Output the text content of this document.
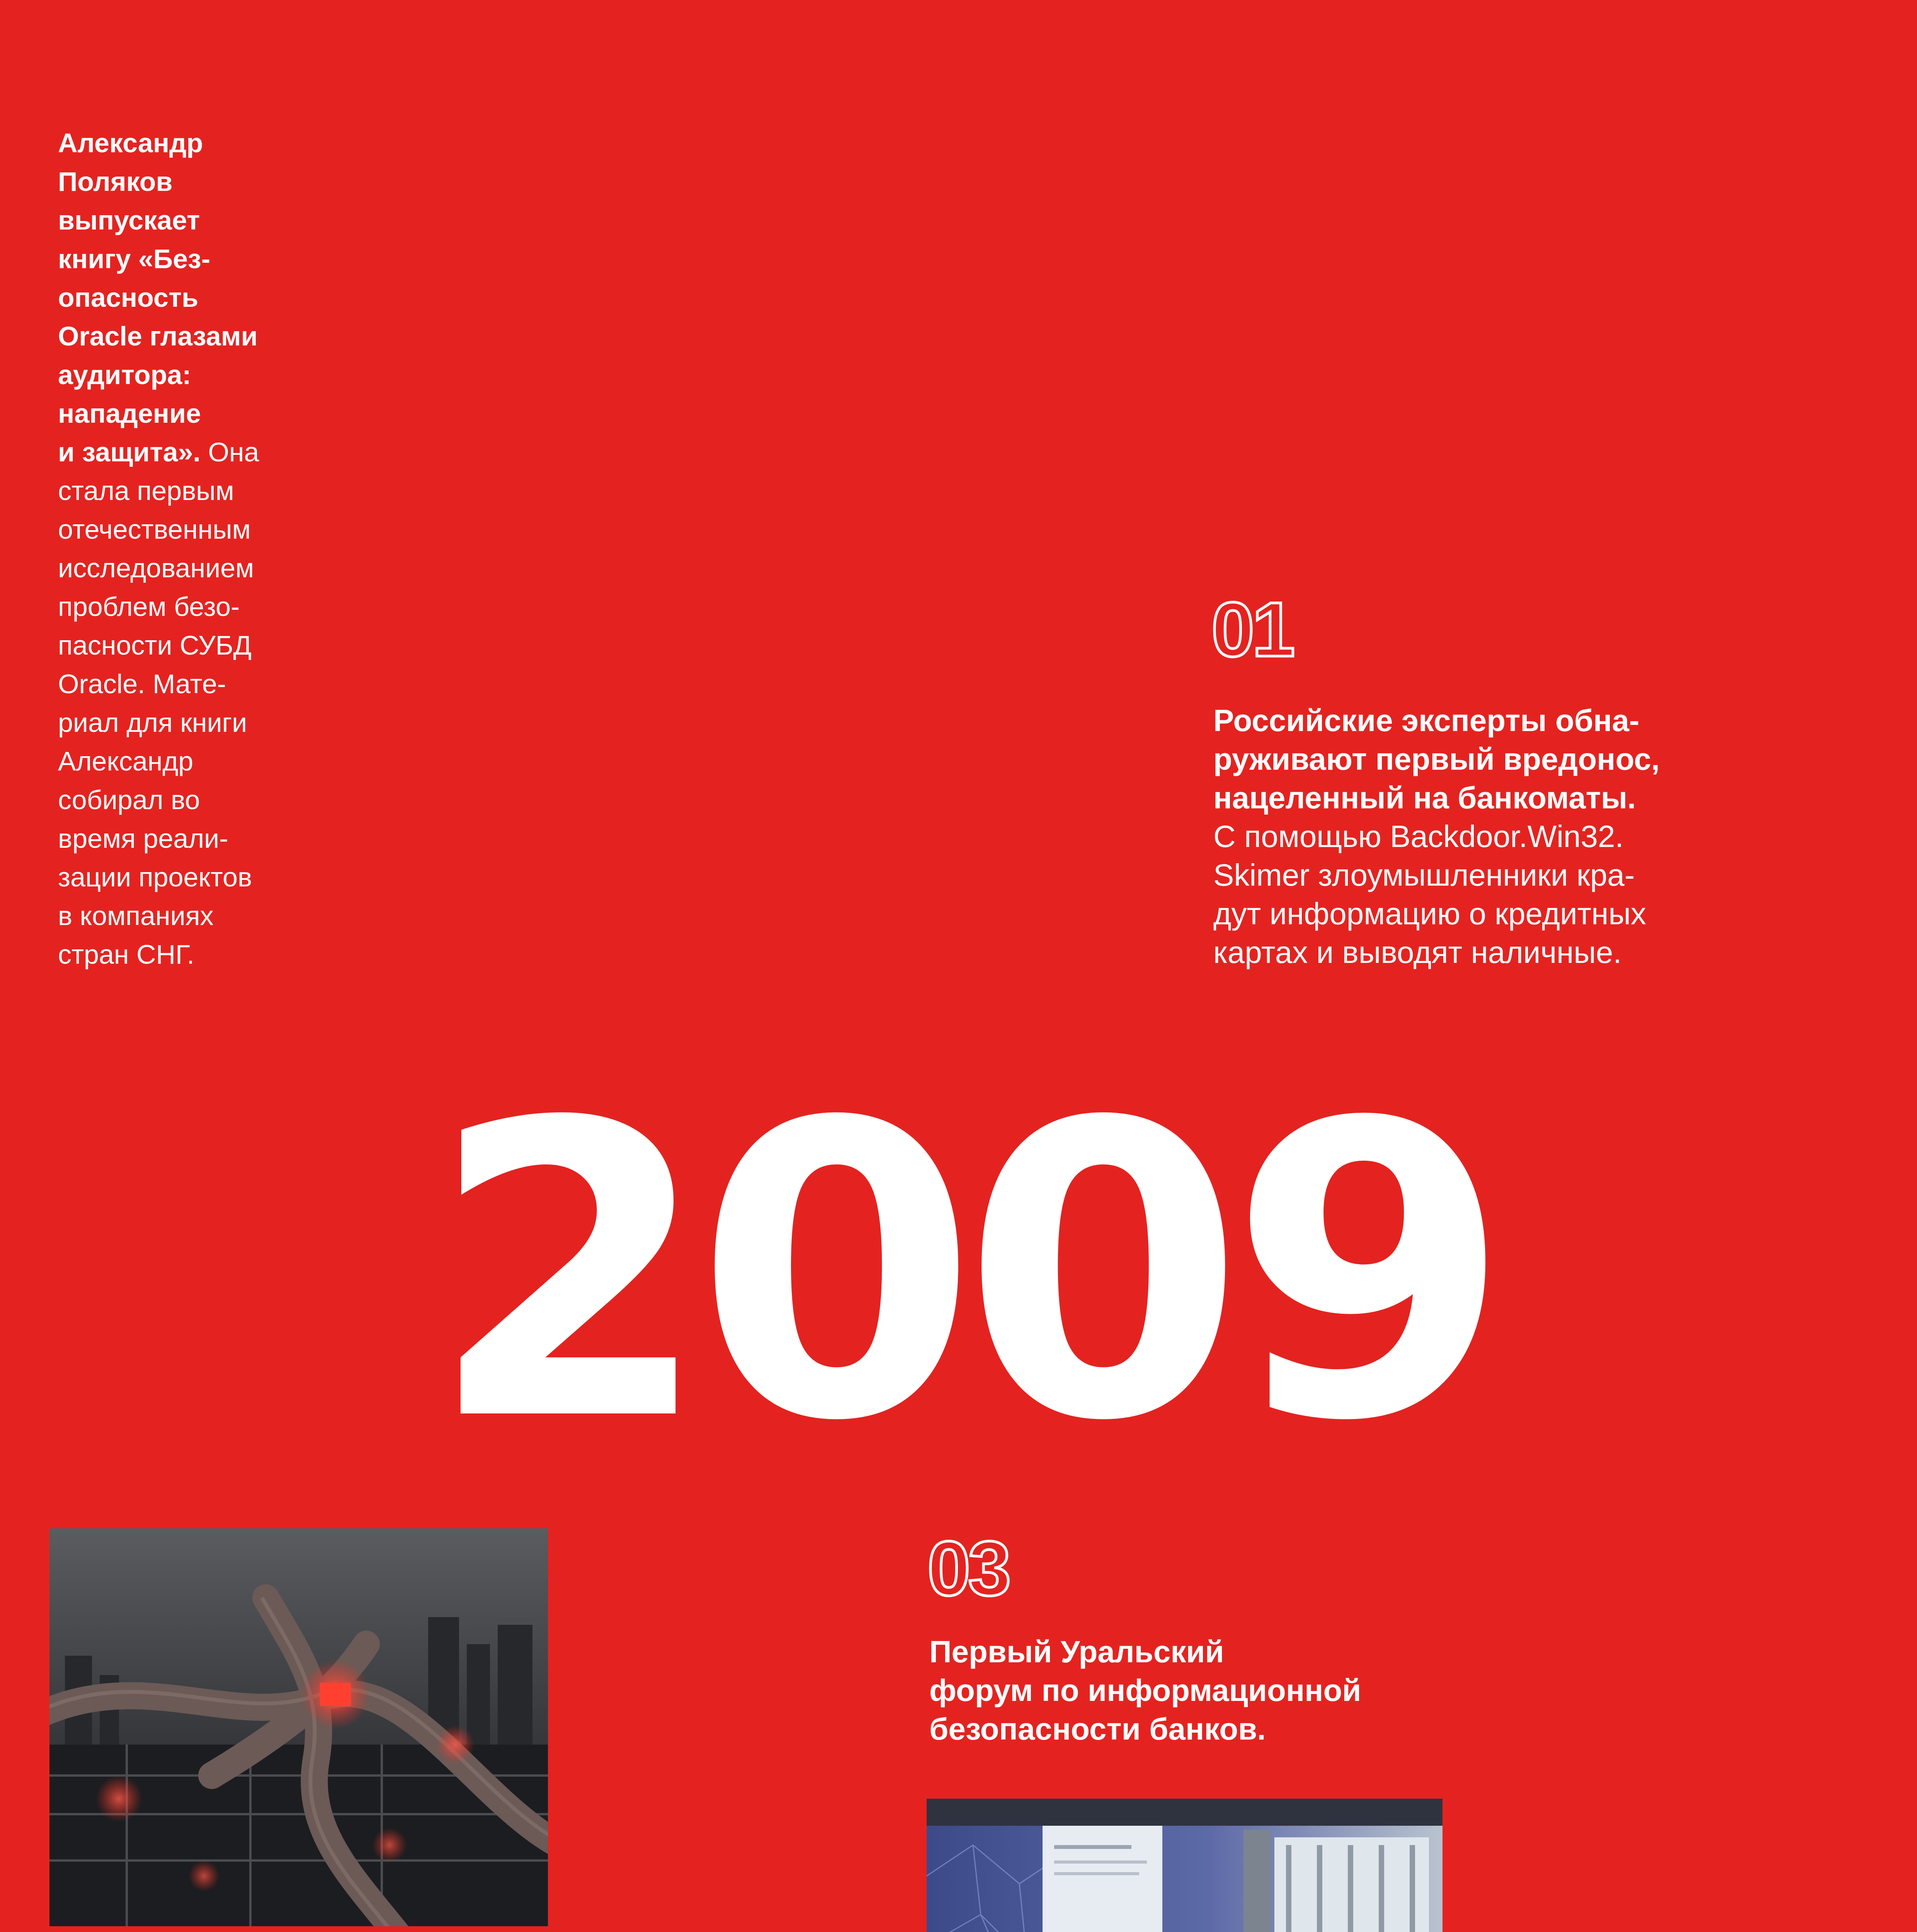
Александр
Поляков
выпускает
книгу «Без-
опасность
Oracle глазами
аудитора:
нападение
и защита». Она
стала первым
отечественным
исследованием
проблем безо-
пасности СУБД
Oracle. Мате-
риал для книги
Александр
собирал во
время реали-
зации проектов
в компаниях
стран СНГ.
01
Российские эксперты обна-
руживают первый вредонос,
нацеленный на банкоматы.
С помощью Backdoor.Win32.
Skimer злоумышленники кра-
дут информацию о кредитных
картах и выводят наличные.
2009
03
Первый Уральский
форум по информационной
безопасности банков.
